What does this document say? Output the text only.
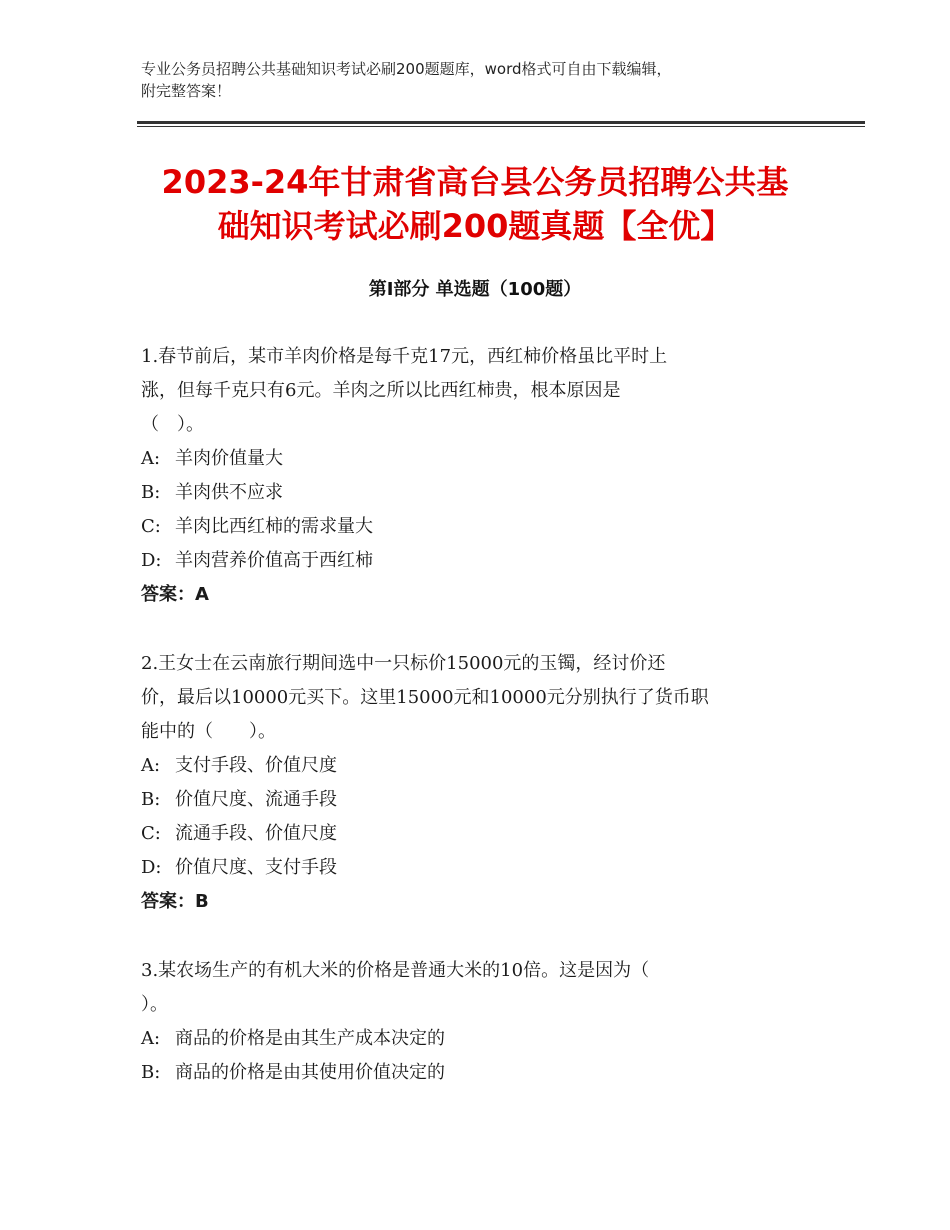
专业公务员招聘公共基础知识考试必刷200题题库，word格式可自由下载编辑，
附完整答案！
2023-24年甘肃省高台县公务员招聘公共基
础知识考试必刷200题真题【全优】
第Ⅰ部分 单选题（100题）

1.春节前后，某市羊肉价格是每千克17元，西红柿价格虽比平时上

涨，但每千克只有6元。羊肉之所以比西红柿贵，根本原因是

（　）。

A: 羊肉价值量大

B: 羊肉供不应求

C: 羊肉比西红柿的需求量大

D: 羊肉营养价值高于西红柿

答案：A

2.王女士在云南旅行期间选中一只标价15000元的玉镯，经讨价还

价，最后以10000元买下。这里15000元和10000元分别执行了货币职

能中的（　　）。

A: 支付手段、价值尺度

B: 价值尺度、流通手段

C: 流通手段、价值尺度

D: 价值尺度、支付手段

答案：B

3.某农场生产的有机大米的价格是普通大米的10倍。这是因为（

）。

A: 商品的价格是由其生产成本决定的

B: 商品的价格是由其使用价值决定的
